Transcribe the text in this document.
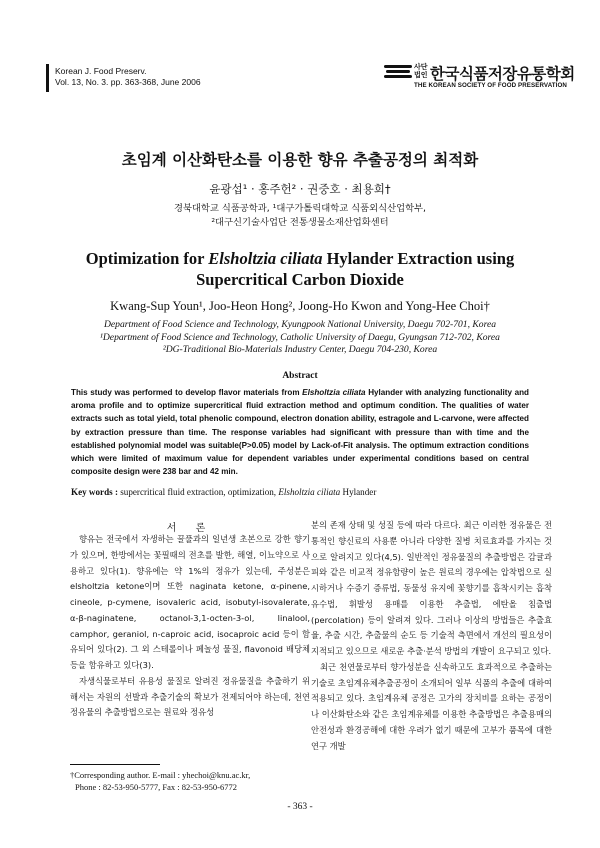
Korean J. Food Preserv.
Vol. 13, No. 3. pp. 363-368, June 2006
사단
법인 한국식품저장유통학회
THE KOREAN SOCIETY OF FOOD PRESERVATION
초임계 이산화탄소를 이용한 향유 추출공정의 최적화
윤광섭¹ · 홍주헌² · 권중호 · 최용희†
경북대학교 식품공학과, ¹대구가톨릭대학교 식품외식산업학부,
²대구신기술사업단 전통생물소재산업화센터
Optimization for Elsholtzia ciliata Hylander Extraction using
Supercritical Carbon Dioxide
Kwang-Sup Youn¹, Joo-Heon Hong², Joong-Ho Kwon and Yong-Hee Choi†
Department of Food Science and Technology, Kyungpook National University, Daegu 702-701, Korea
¹Department of Food Science and Technology, Catholic University of Daegu, Gyungsan 712-702, Korea
²DG-Traditional Bio-Materials Industry Center, Daegu 704-230, Korea
Abstract
This study was performed to develop flavor materials from Elsholtzia ciliata Hylander with analyzing functionality and aroma profile and to optimize supercritical fluid extraction method and optimum condition. The qualities of water extracts such as total yield, total phenolic compound, electron donation ability, estragole and L-carvone, were affected by extraction pressure than time. The response variables had significant with pressure than with time and the established polynomial model was suitable(P>0.05) model by Lack-of-Fit analysis. The optimum extraction conditions which were limited of maximum value for dependent variables under experimental conditions based on central composite design were 238 bar and 42 min.
Key words : supercritical fluid extraction, optimization, Elsholtzia ciliata Hylander
서 론

향유는 전국에서 자생하는 꿀풀과의 일년생 초본으로 강한 향기가 있으며, 한방에서는 꽃필때의 전초를 발한, 해열, 이뇨약으로 사용하고 있다(1). 향유에는 약 1%의 정유가 있는데, 주성분은 elsholtzia ketone이며 또한 naginata ketone, α-pinene, cineole, p-cymene, isovaleric acid, isobutyl-isovalerate, α-β-naginatene, octanol-3,1-octen-3-ol, linalool, camphor, geraniol, n-caproic acid, isocaproic acid 등이 함유되어 있다(2). 그 외 스테롤이나 페놀성 물질, flavonoid 배당체 등을 함유하고 있다(3).

자생식물로부터 유용성 물질로 알려진 정유물질을 추출하기 위해서는 자원의 선발과 추출기술의 확보가 전제되어야 하는데, 천연 정유물의 추출방법으로는 원료와 정유성

분의 존재 상태 및 성질 등에 따라 다르다. 최근 이러한 정유물은 전통적인 향신료의 사용뿐 아니라 다양한 질병 치료효과를 가지는 것으로 알려지고 있다(4,5). 일반적인 정유물질의 추출방법은 감귤과피와 같은 비교적 정유함량이 높은 원료의 경우에는 압착법으로 실시하거나 수증기 증류법, 동물성 유지에 꽃향기를 흡착시키는 흡착유수법, 휘발성 용매를 이용한 추출법, 에탄올 침출법(percolation) 등이 알려져 있다. 그러나 이상의 방법들은 추출효율, 추출 시간, 추출물의 순도 등 기술적 측면에서 개선의 필요성이 지적되고 있으므로 새로운 추출·분석 방법의 개발이 요구되고 있다.

최근 천연물로부터 향가성분을 신속하고도 효과적으로 추출하는 기술로 초임계유체추출공정이 소개되어 일부 식품의 추출에 대하여 적용되고 있다. 초임계유체 공정은 고가의 장치비를 요하는 공정이나 이산화탄소와 같은 초임계유체를 이용한 추출방법은 추출용매의 안전성과 환경공해에 대한 우려가 없기 때문에 고부가 품목에 대한 연구 개발

†Corresponding author. E-mail : yhechoi@knu.ac.kr,
Phone : 82-53-950-5777, Fax : 82-53-950-6772
- 363 -
